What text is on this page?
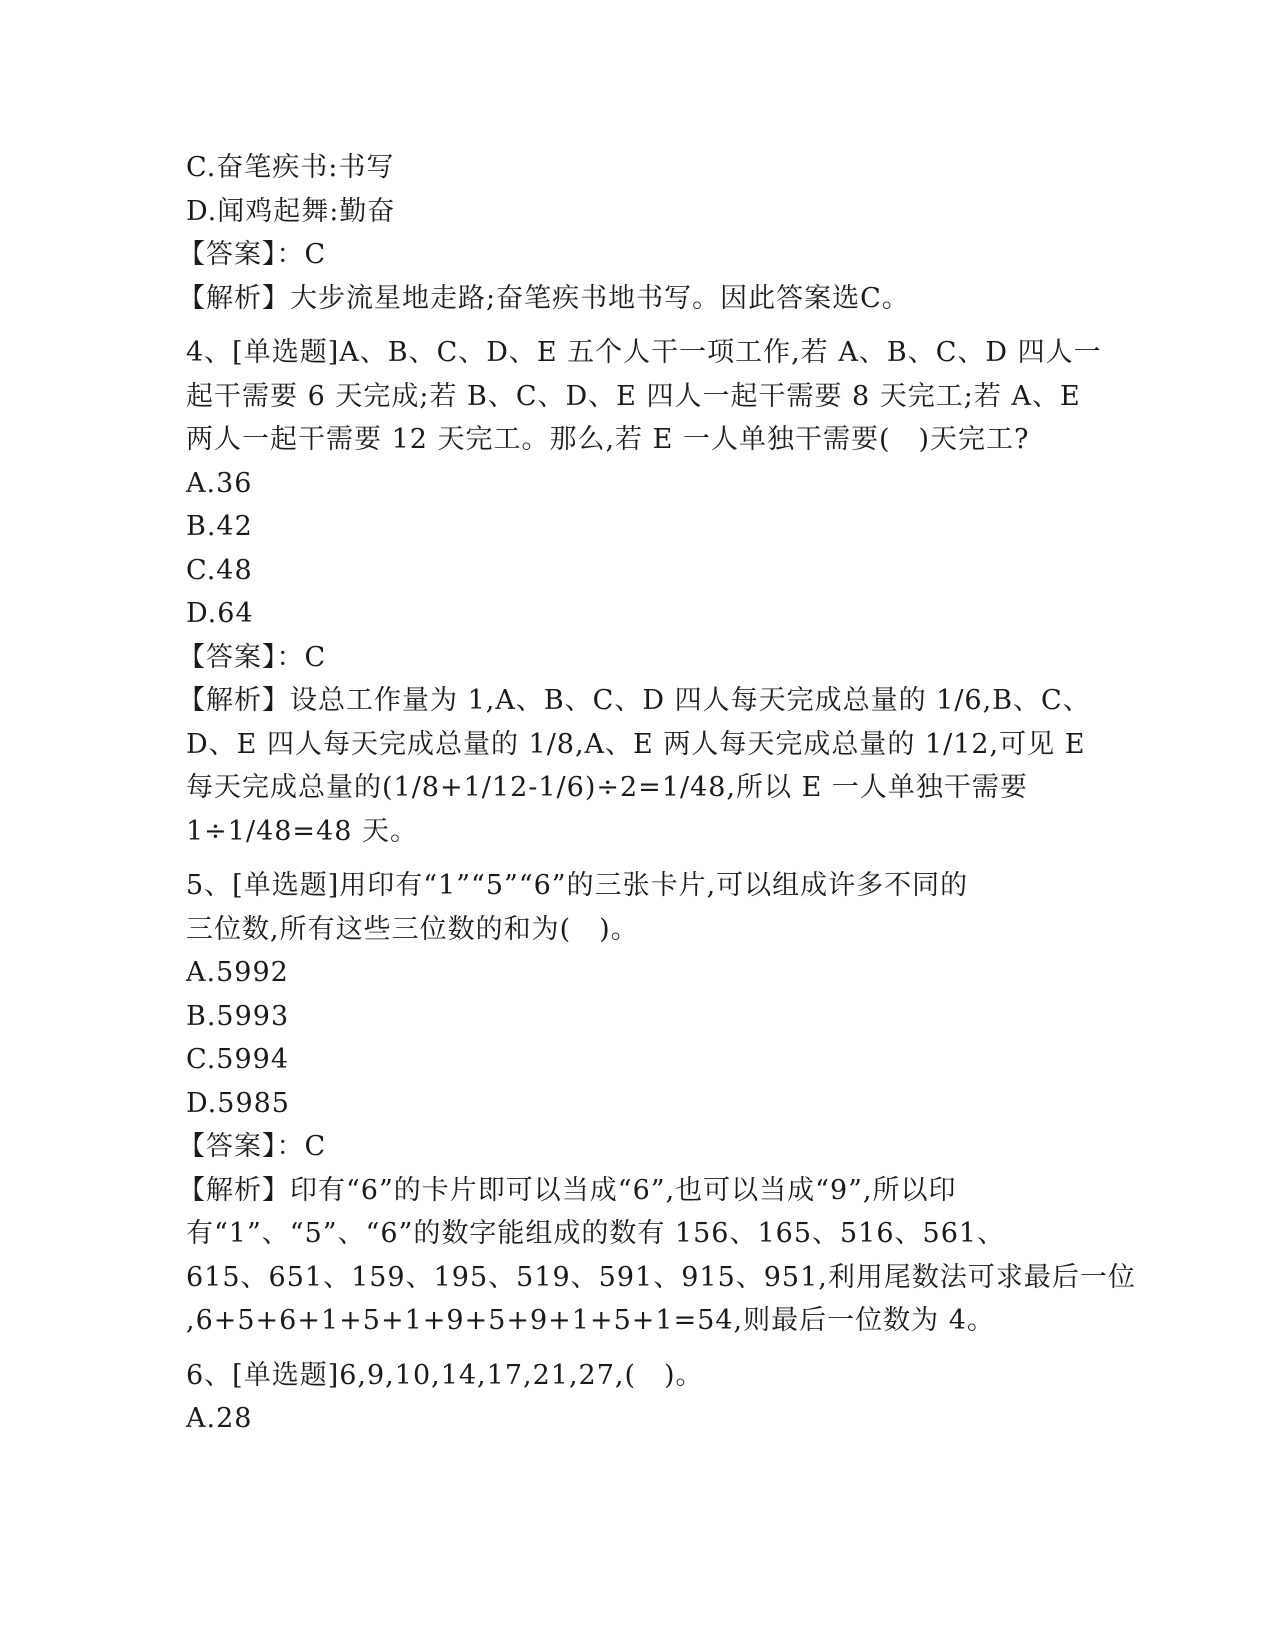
C.奋笔疾书:书写
D.闻鸡起舞:勤奋
【答案】：C
【解析】大步流星地走路;奋笔疾书地书写。因此答案选C。
4、[单选题]A、B、C、D、E 五个人干一项工作,若 A、B、C、D 四人一
起干需要 6 天完成;若 B、C、D、E 四人一起干需要 8 天完工;若 A、E
两人一起干需要 12 天完工。那么,若 E 一人单独干需要(　)天完工?
A.36
B.42
C.48
D.64
【答案】：C
【解析】设总工作量为 1,A、B、C、D 四人每天完成总量的 1/6,B、C、
D、E 四人每天完成总量的 1/8,A、E 两人每天完成总量的 1/12,可见 E
每天完成总量的(1/8+1/12-1/6)÷2=1/48,所以 E 一人单独干需要
1÷1/48=48 天。
5、[单选题]用印有“1”“5”“6”的三张卡片,可以组成许多不同的
三位数,所有这些三位数的和为(　)。
A.5992
B.5993
C.5994
D.5985
【答案】：C
【解析】印有“6”的卡片即可以当成“6”,也可以当成“9”,所以印
有“1”、“5”、“6”的数字能组成的数有 156、165、516、561、
615、651、159、195、519、591、915、951,利用尾数法可求最后一位
,6+5+6+1+5+1+9+5+9+1+5+1=54,则最后一位数为 4。
6、[单选题]6,9,10,14,17,21,27,(　)。
A.28
